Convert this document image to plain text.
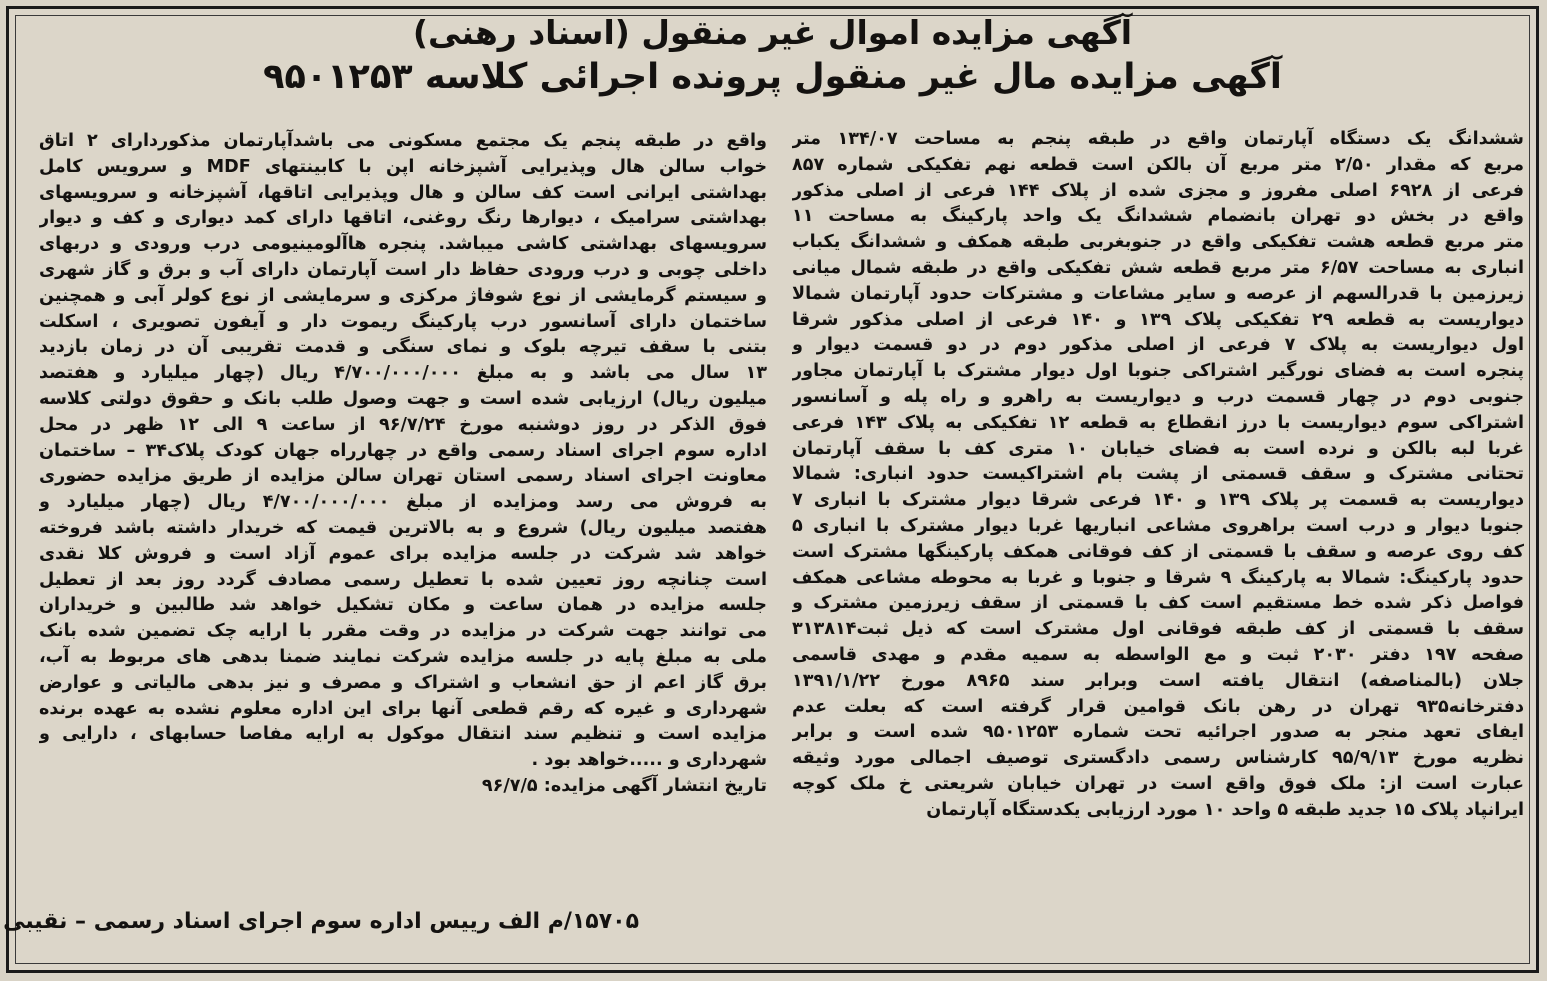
آگهی مزایده اموال غیر منقول (اسناد رهنی)
آگهی مزایده مال غیر منقول پرونده اجرائی کلاسه ۹۵۰۱۲۵۳
ششدانگ یک دستگاه آپارتمان واقع در طبقه پنجم به مساحت ۱۳۴/۰۷ متر
مربع که مقدار ۲/۵۰ متر مربع آن بالکن است قطعه نهم تفکیکی شماره ۸۵۷
فرعی از ۶۹۲۸ اصلی مفروز و مجزی شده از پلاک ۱۴۴ فرعی از اصلی مذکور
واقع در بخش دو تهران بانضمام ششدانگ یک واحد پارکینگ به مساحت ۱۱
متر مربع قطعه هشت تفکیکی واقع در جنوبغربی طبقه همکف و ششدانگ یکباب
انباری به مساحت ۶/۵۷ متر مربع قطعه شش تفکیکی واقع در طبقه شمال میانی
زیرزمین با قدرالسهم از عرصه و سایر مشاعات و مشترکات حدود آپارتمان شمالا
دیواریست به قطعه ۲۹ تفکیکی پلاک ۱۳۹ و ۱۴۰ فرعی از اصلی مذکور شرقا
اول دیواریست به پلاک ۷ فرعی از اصلی مذکور دوم در دو قسمت دیوار و
پنجره است به فضای نورگیر اشتراکی جنوبا اول دیوار مشترک با آپارتمان مجاور
جنوبی دوم در چهار قسمت درب و دیواریست به راهرو و راه پله و آسانسور
اشتراکی سوم دیواریست با درز انقطاع به قطعه ۱۲ تفکیکی به پلاک ۱۴۳ فرعی
غربا لبه بالکن و نرده است به فضای خیابان ۱۰ متری کف با سقف آپارتمان
تحتانی مشترک و سقف قسمتی از پشت بام اشتراکیست حدود انباری: شمالا
دیواریست به قسمت پر پلاک ۱۳۹ و ۱۴۰ فرعی شرقا دیوار مشترک با انباری ۷
جنوبا دیوار و درب است براهروی مشاعی انباریها غربا دیوار مشترک با انباری ۵
کف روی عرصه و سقف با قسمتی از کف فوقانی همکف پارکینگها مشترک است
حدود پارکینگ: شمالا به پارکینگ ۹ شرقا و جنوبا و غربا به محوطه مشاعی همکف
فواصل ذکر شده خط مستقیم است کف با قسمتی از سقف زیرزمین مشترک و
سقف با قسمتی از کف طبقه فوقانی اول مشترک است که ذیل ثبت۳۱۳۸۱۴
صفحه ۱۹۷ دفتر ۲۰۳۰ ثبت و مع الواسطه به سمیه مقدم و مهدی قاسمی
جلان (بالمناصفه) انتقال یافته است وبرابر سند ۸۹۶۵ مورخ ۱۳۹۱/۱/۲۲
دفترخانه۹۳۵ تهران در رهن بانک قوامین قرار گرفته است که بعلت عدم
ایفای تعهد منجر به صدور اجرائیه تحت شماره ۹۵۰۱۲۵۳ شده است و برابر
نظریه مورخ ۹۵/۹/۱۳ کارشناس رسمی دادگستری توصیف اجمالی مورد وثیقه
عبارت است از: ملک فوق واقع است در تهران خیابان شریعتی خ ملک کوچه
ایرانپاد پلاک ۱۵ جدید طبقه ۵ واحد ۱۰ مورد ارزیابی یکدستگاه آپارتمان
واقع در طبقه پنجم یک مجتمع مسکونی می باشدآپارتمان مذکوردارای ۲ اتاق
خواب سالن هال وپذیرایی آشپزخانه اپن با کابینتهای MDF و سرویس کامل
بهداشتی ایرانی است کف سالن و هال وپذیرایی اتاقها، آشپزخانه و سرویسهای
بهداشتی سرامیک ، دیوارها رنگ روغنی، اتاقها دارای کمد دیواری و کف و دیوار
سرویسهای بهداشتی کاشی میباشد. پنجره هاآلومینیومی درب ورودی و دربهای
داخلی چوبی و درب ورودی حفاظ دار است آپارتمان دارای آب و برق و گاز شهری
و سیستم گرمایشی از نوع شوفاژ مرکزی و سرمایشی از نوع کولر آبی و همچنین
ساختمان دارای آسانسور درب پارکینگ ریموت دار و آیفون تصویری ، اسکلت
بتنی با سقف تیرچه بلوک و نمای سنگی و قدمت تقریبی آن در زمان بازدید
۱۳ سال می باشد و به مبلغ ۴/۷۰۰/۰۰۰/۰۰۰ ریال (چهار میلیارد و هفتصد
میلیون ریال) ارزیابی شده است و جهت وصول طلب بانک و حقوق دولتی کلاسه
فوق الذکر در روز دوشنبه مورخ ۹۶/۷/۲۴ از ساعت ۹ الی ۱۲ ظهر در محل
اداره سوم اجرای اسناد رسمی واقع در چهارراه جهان کودک پلاک۳۴ – ساختمان
معاونت اجرای اسناد رسمی استان تهران سالن مزایده از طریق مزایده حضوری
به فروش می رسد ومزایده از مبلغ ۴/۷۰۰/۰۰۰/۰۰۰ ریال (چهار میلیارد و
هفتصد میلیون ریال) شروع و به بالاترین قیمت که خریدار داشته باشد فروخته
خواهد شد شرکت در جلسه مزایده برای عموم آزاد است و فروش کلا نقدی
است چنانچه روز تعیین شده با تعطیل رسمی مصادف گردد روز بعد از تعطیل
جلسه مزایده در همان ساعت و مکان تشکیل خواهد شد طالبین و خریداران
می توانند جهت شرکت در مزایده در وقت مقرر با ارایه چک تضمین شده بانک
ملی به مبلغ پایه در جلسه مزایده شرکت نمایند ضمنا بدهی های مربوط به آب،
برق گاز اعم از حق انشعاب و اشتراک و مصرف و نیز بدهی مالیاتی و عوارض
شهرداری و غیره که رقم قطعی آنها برای این اداره معلوم نشده به عهده برنده
مزایده است و تنظیم سند انتقال موکول به ارایه مفاصا حسابهای ، دارایی و
شهرداری و .....خواهد بود .
تاریخ انتشار آگهی مزایده: ۹۶/۷/۵
۱۵۷۰۵/م الف رییس اداره سوم اجرای اسناد رسمی – نقیبی
